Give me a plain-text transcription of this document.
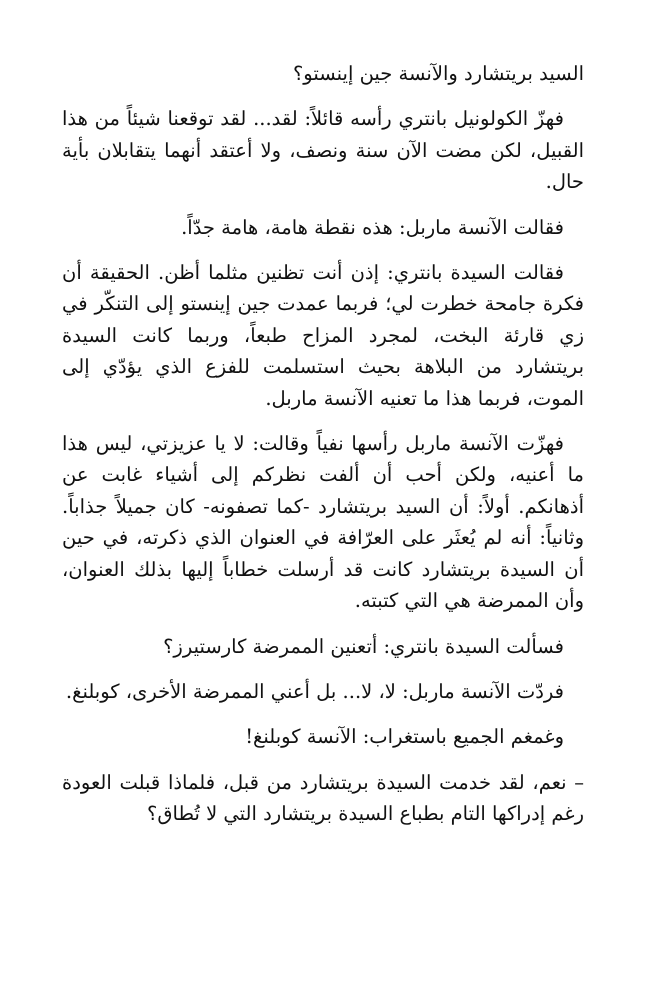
السيد بريتشارد والآنسة جين إينستو؟

فهزّ الكولونيل بانتري رأسه قائلاً: لقد... لقد توقعنا شيئاً من هذا القبيل، لكن مضت الآن سنة ونصف، ولا أعتقد أنهما يتقابلان بأية حال.

فقالت الآنسة ماربل: هذه نقطة هامة، هامة جدّاً.

فقالت السيدة بانتري: إذن أنت تظنين مثلما أظن. الحقيقة أن فكرة جامحة خطرت لي؛ فربما عمدت جين إينستو إلى التنكّر في زي قارئة البخت، لمجرد المزاح طبعاً، وربما كانت السيدة بريتشارد من البلاهة بحيث استسلمت للفزع الذي يؤدّي إلى الموت، فربما هذا ما تعنيه الآنسة ماربل.

فهزّت الآنسة ماربل رأسها نفياً وقالت: لا يا عزيزتي، ليس هذا ما أعنيه، ولكن أحب أن ألفت نظركم إلى أشياء غابت عن أذهانكم. أولاً: أن السيد بريتشارد -كما تصفونه- كان جميلاً جذاباً. وثانياً: أنه لم يُعثَر على العرّافة في العنوان الذي ذكرته، في حين أن السيدة بريتشارد كانت قد أرسلت خطاباً إليها بذلك العنوان، وأن الممرضة هي التي كتبته.

فسألت السيدة بانتري: أتعنين الممرضة كارستيرز؟

فردّت الآنسة ماربل: لا، لا... بل أعني الممرضة الأخرى، كوبلنغ.

وغمغم الجميع باستغراب: الآنسة كوبلنغ!

– نعم، لقد خدمت السيدة بريتشارد من قبل، فلماذا قبلت العودة رغم إدراكها التام بطباع السيدة بريتشارد التي لا تُطاق؟
